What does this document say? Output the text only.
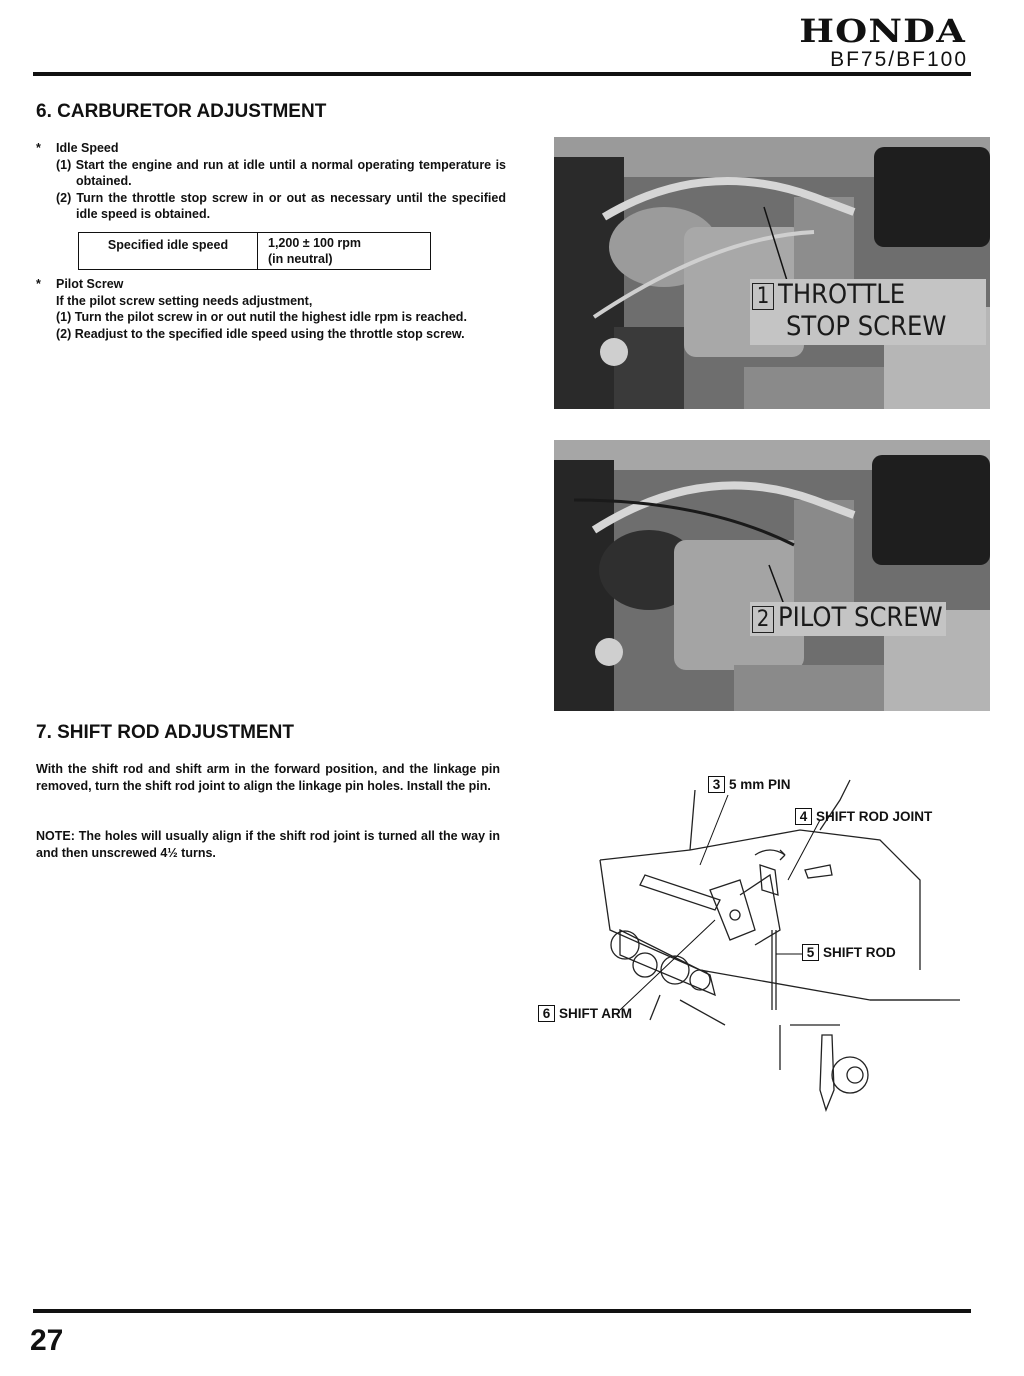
HONDA
BF75/BF100
6. CARBURETOR ADJUSTMENT
* Idle Speed
(1) Start the engine and run at idle until a normal operating temperature is obtained.
(2) Turn the throttle stop screw in or out as necessary until the specified idle speed is obtained.
Specified idle speed	1,200 ± 100 rpm
(in neutral)
* Pilot Screw
If the pilot screw setting needs adjustment,
(1) Turn the pilot screw in or out nutil the highest idle rpm is reached.
(2) Readjust to the specified idle speed using the throttle stop screw.
1 THROTTLE
STOP SCREW
2 PILOT SCREW
7. SHIFT ROD ADJUSTMENT
With the shift rod and shift arm in the forward position, and the linkage pin removed, turn the shift rod joint to align the linkage pin holes. Install the pin.
NOTE: The holes will usually align if the shift rod joint is turned all the way in and then unscrewed 4½ turns.
3 5 mm PIN
4 SHIFT ROD JOINT
5 SHIFT ROD
6 SHIFT ARM
27
